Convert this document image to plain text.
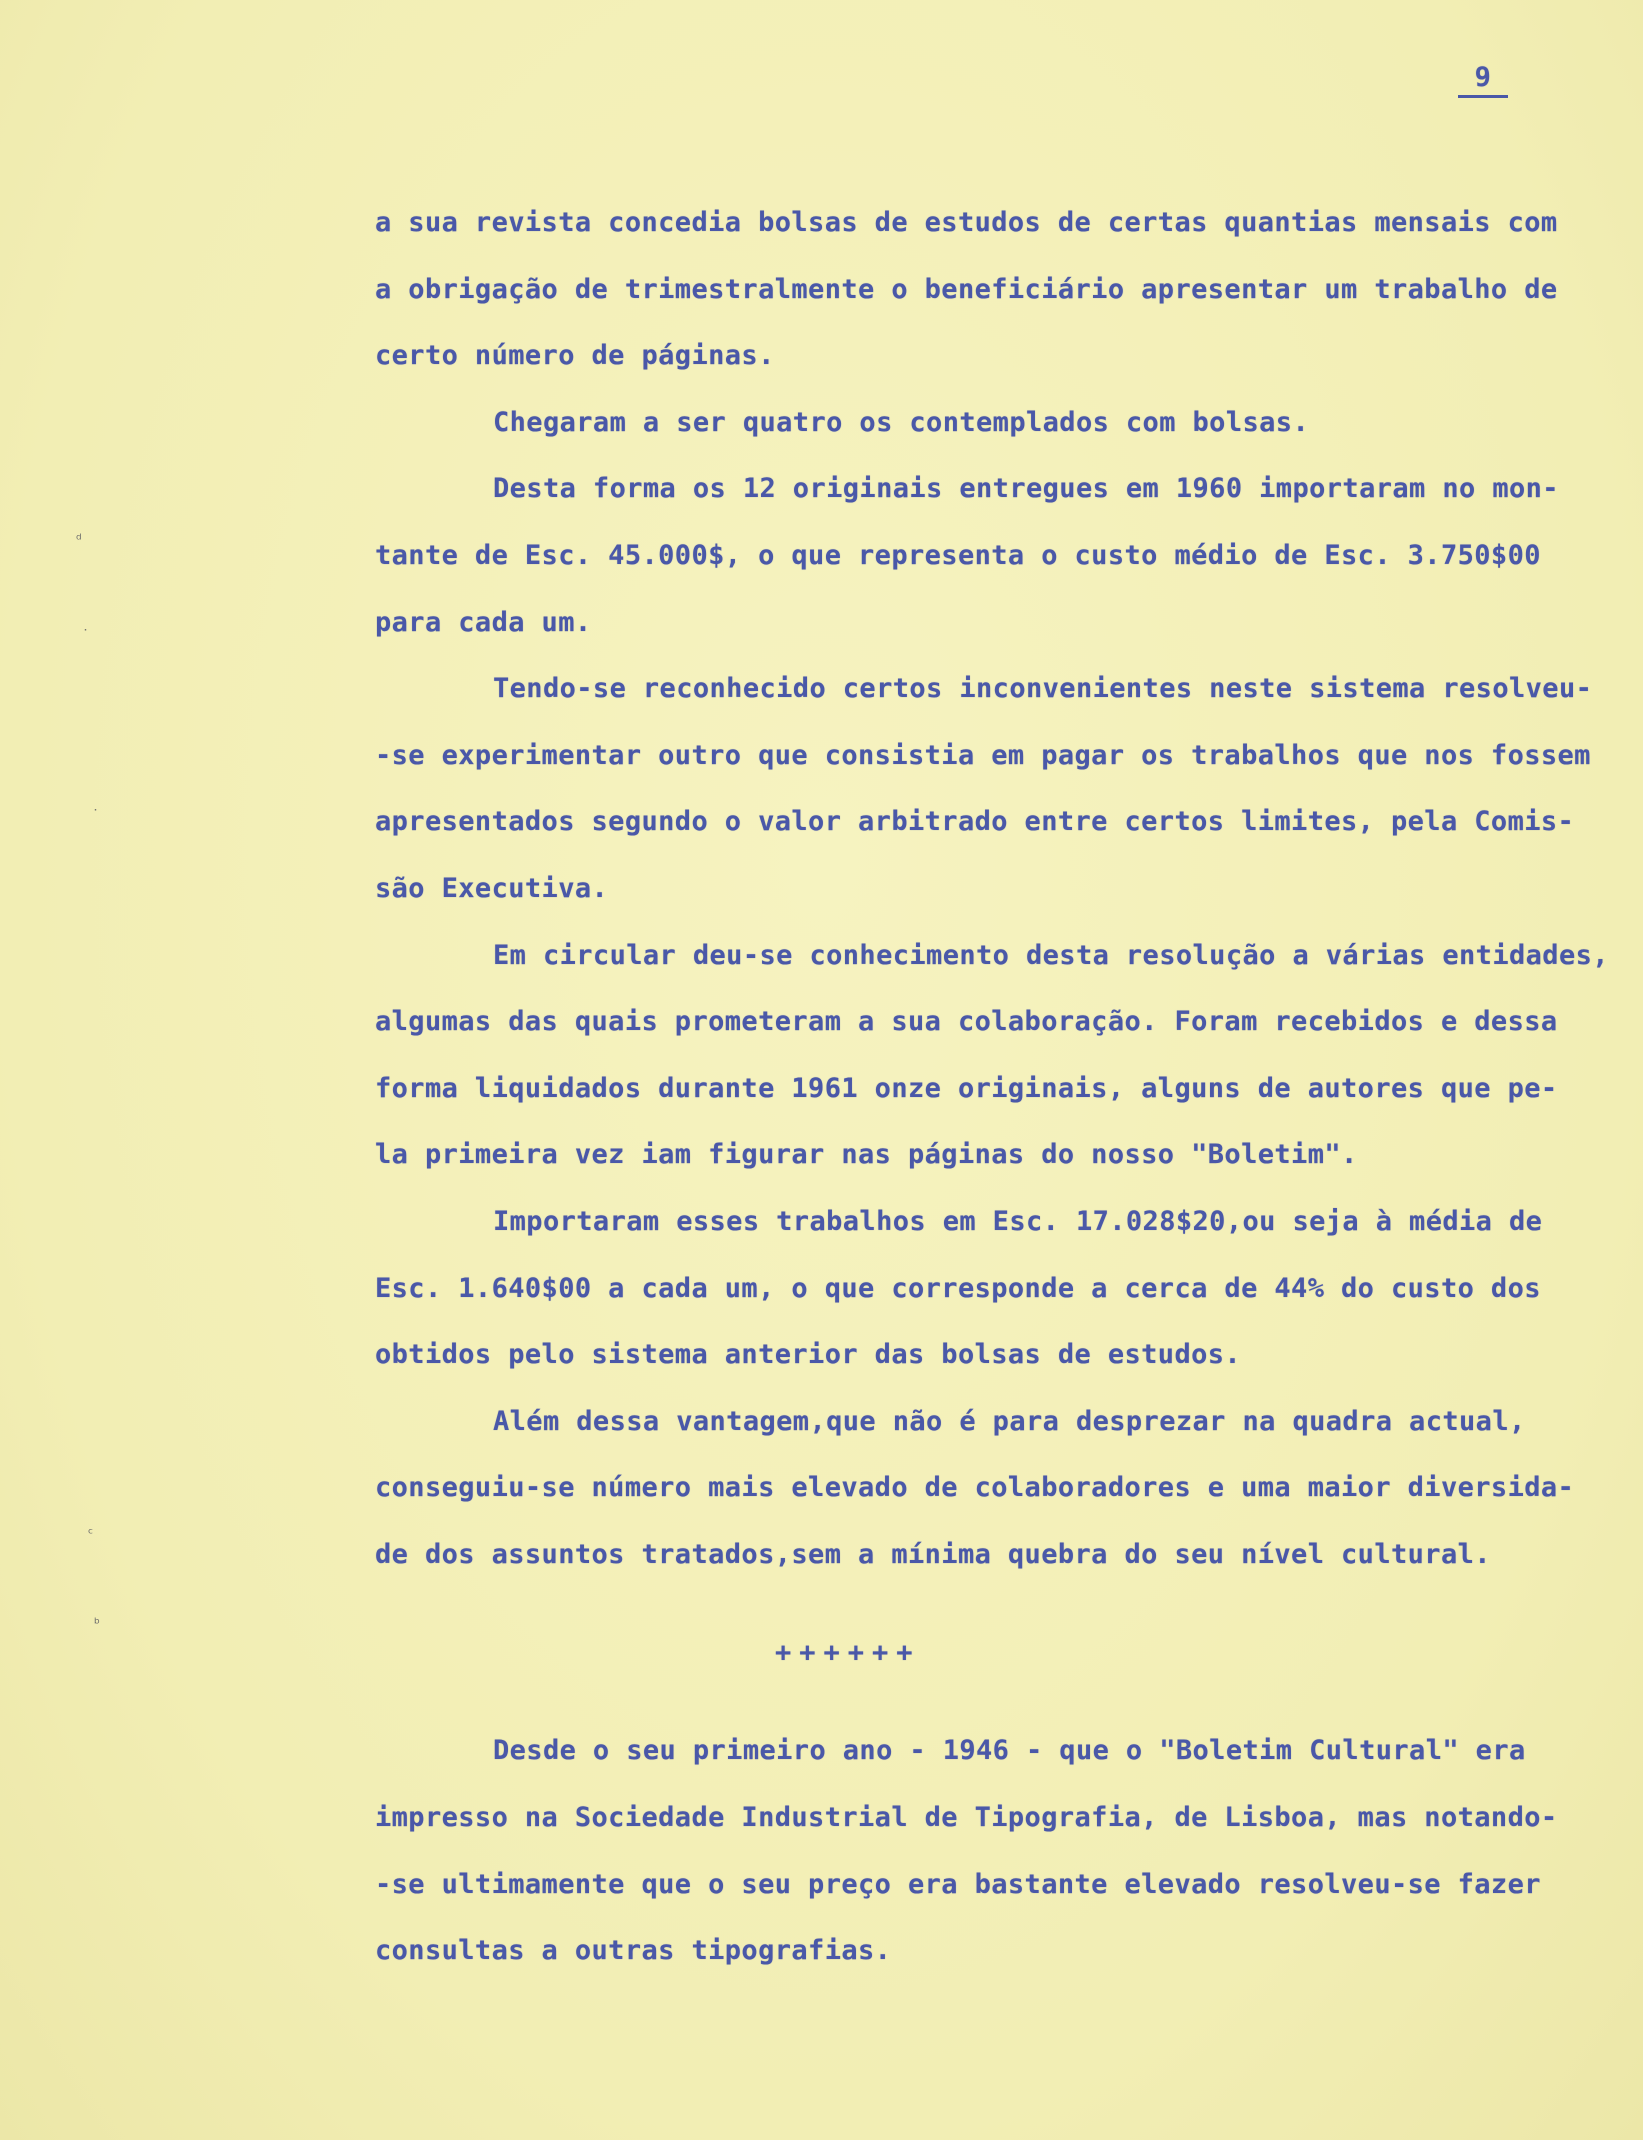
ᵈ
˙
˙
ᶜ
ᵇ
9
a sua revista concedia bolsas de estudos de certas quantias mensais com
a obrigação de trimestralmente o beneficiário apresentar um trabalho de
certo número de páginas.
Chegaram a ser quatro os contemplados com bolsas.
Desta forma os 12 originais entregues em 1960 importaram no mon-
tante de Esc. 45.000$, o que representa o custo médio de Esc. 3.750$00
para cada um.
Tendo-se reconhecido certos inconvenientes neste sistema resolveu-
-se experimentar outro que consistia em pagar os trabalhos que nos fossem
apresentados segundo o valor arbitrado entre certos limites, pela Comis-
são Executiva.
Em circular deu-se conhecimento desta resolução a várias entidades,
algumas das quais prometeram a sua colaboração. Foram recebidos e dessa
forma liquidados durante 1961 onze originais, alguns de autores que pe-
la primeira vez iam figurar nas páginas do nosso "Boletim".
Importaram esses trabalhos em Esc. 17.028$20,ou seja à média de
Esc. 1.640$00 a cada um, o que corresponde a cerca de 44% do custo dos
obtidos pelo sistema anterior das bolsas de estudos.
Além dessa vantagem,que não é para desprezar na quadra actual,
conseguiu-se número mais elevado de colaboradores e uma maior diversida-
de dos assuntos tratados,sem a mínima quebra do seu nível cultural.
++++++
Desde o seu primeiro ano - 1946 - que o "Boletim Cultural" era
impresso na Sociedade Industrial de Tipografia, de Lisboa, mas notando-
-se ultimamente que o seu preço era bastante elevado resolveu-se fazer
consultas a outras tipografias.
